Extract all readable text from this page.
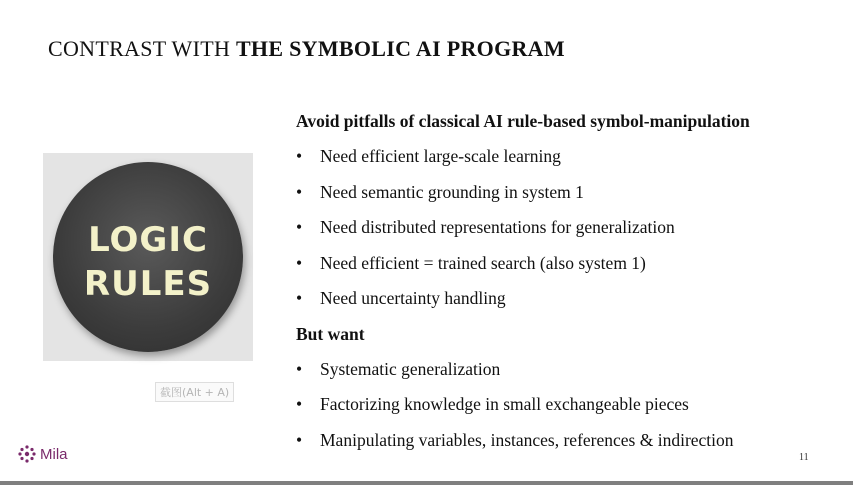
CONTRAST WITH THE SYMBOLIC AI PROGRAM
LOGIC
RULES
截图(Alt + A)
Avoid pitfalls of classical AI rule-based symbol-manipulation
• Need efficient large-scale learning
• Need semantic grounding in system 1
• Need distributed representations for generalization
• Need efficient = trained search (also system 1)
• Need uncertainty handling
But want
• Systematic generalization
• Factorizing knowledge in small exchangeable pieces
• Manipulating variables, instances, references & indirection
Mila	11
